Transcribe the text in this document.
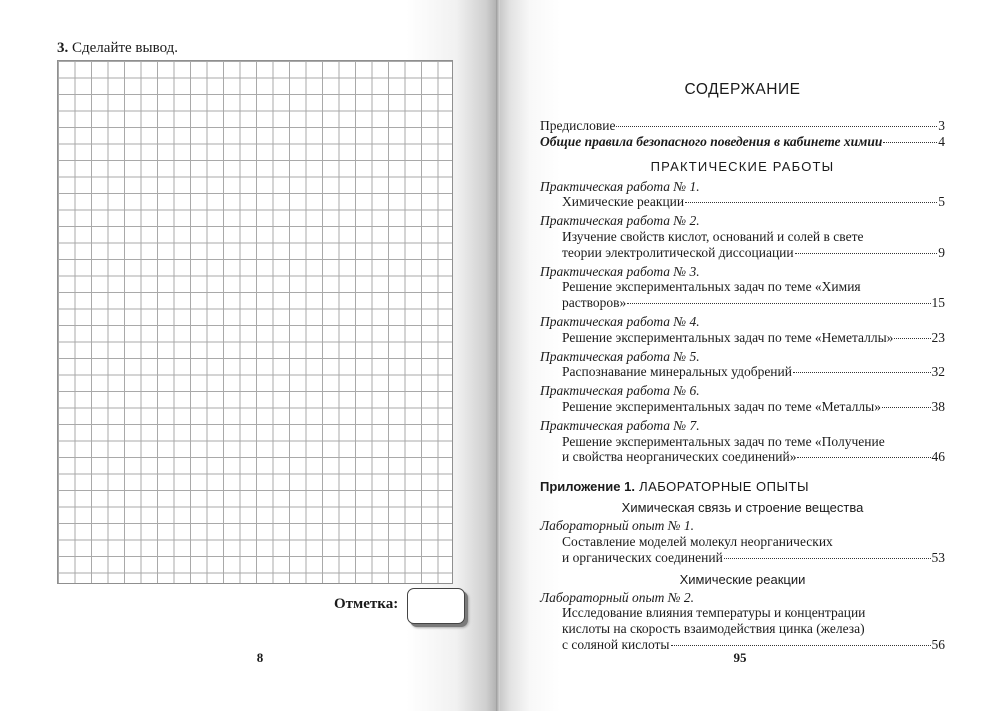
3. Сделайте вывод.
Отметка:
8
СОДЕРЖАНИЕ
Предисловие	3
Общие правила безопасного поведения в кабинете химии	4
ПРАКТИЧЕСКИЕ РАБОТЫ
Практическая работа № 1.
Химические реакции	5
Практическая работа № 2.
Изучение свойств кислот, оснований и солей в свете
теории электролитической диссоциации	9
Практическая работа № 3.
Решение экспериментальных задач по теме «Химия
растворов»	15
Практическая работа № 4.
Решение экспериментальных задач по теме «Неметаллы»	23
Практическая работа № 5.
Распознавание минеральных удобрений	32
Практическая работа № 6.
Решение экспериментальных задач по теме «Металлы»	38
Практическая работа № 7.
Решение экспериментальных задач по теме «Получение
и свойства неорганических соединений»	46
Приложение 1. ЛАБОРАТОРНЫЕ ОПЫТЫ
Химическая связь и строение вещества
Лабораторный опыт № 1.
Составление моделей молекул неорганических
и органических соединений	53
Химические реакции
Лабораторный опыт № 2.
Исследование влияния температуры и концентрации
кислоты на скорость взаимодействия цинка (железа)
с соляной кислоты	56
95
